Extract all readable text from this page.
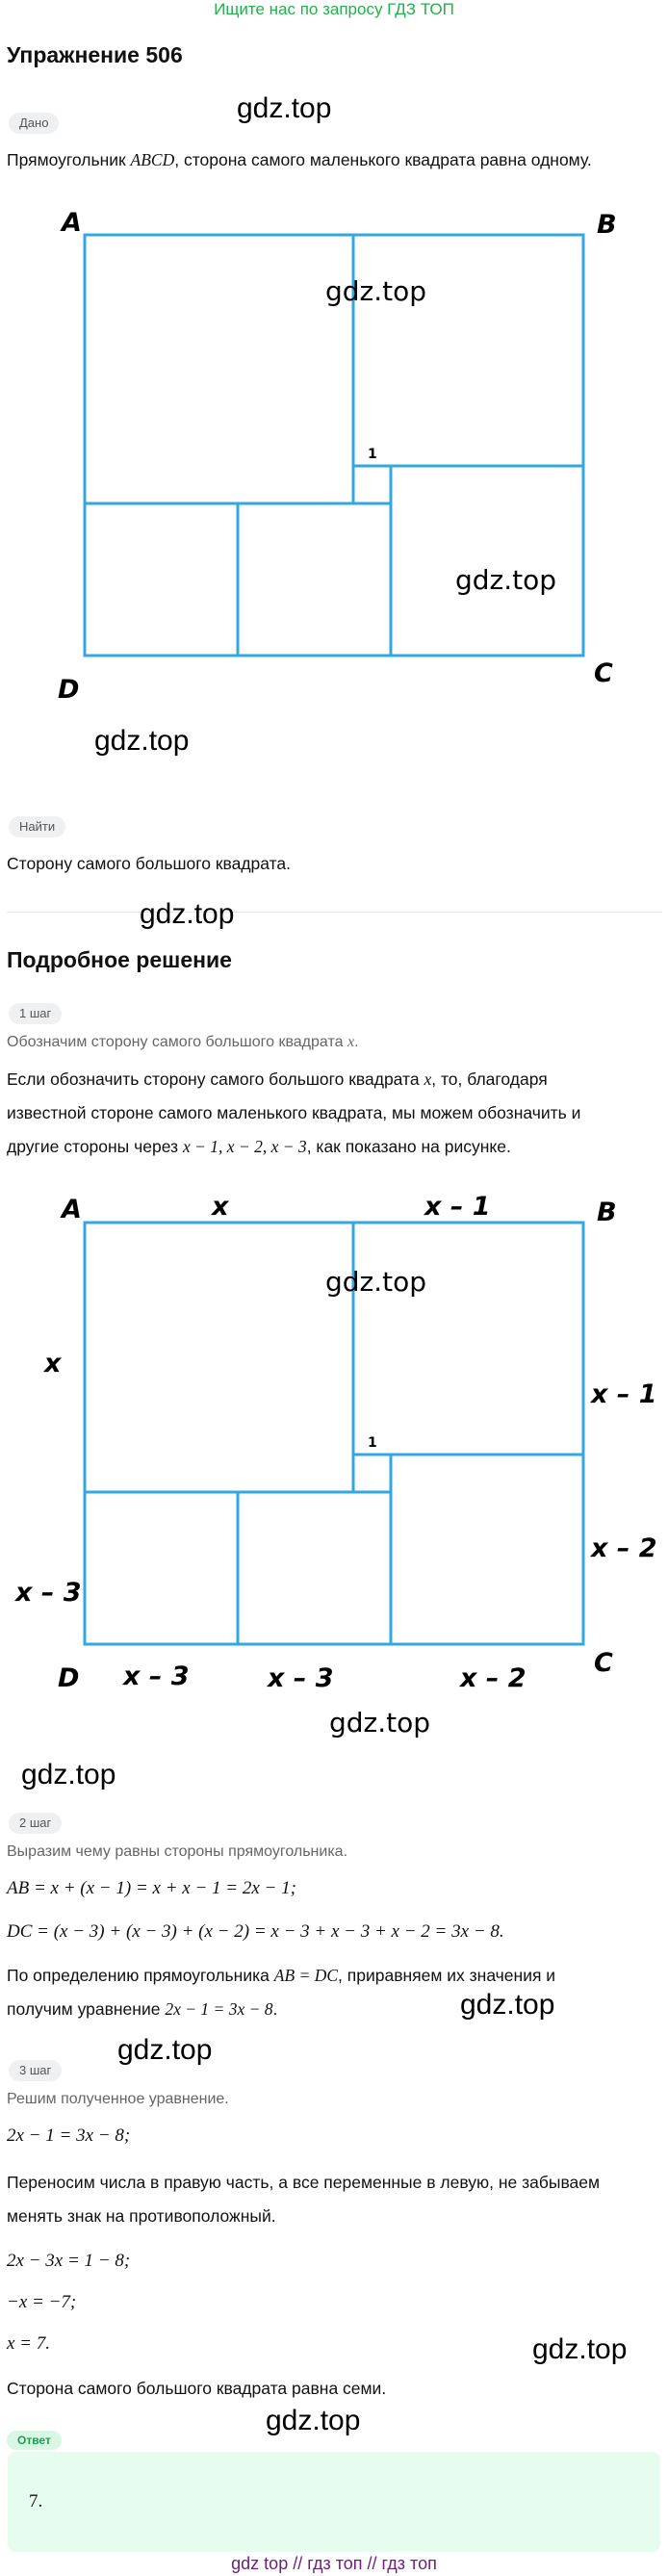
Ищите нас по запросу ГДЗ ТОП
Упражнение 506
gdz.top
Дано
Прямоугольник ABCD, сторона самого маленького квадрата равна одному.
A	B
C
D
1
gdz.top
gdz.top
gdz.top
Найти
Сторону самого большого квадрата.
gdz.top
Подробное решение
1 шаг
Обозначим сторону самого большого квадрата x.
Если обозначить сторону самого большого квадрата x, то, благодаря
известной стороне самого маленького квадрата, мы можем обозначить и
другие стороны через x − 1, x − 2, x − 3, как показано на рисунке.
A	B
C
D
x	x – 1
x
x – 1
x – 2
x – 3
x – 3	x – 3	x – 2
1
gdz.top
gdz.top
gdz.top
2 шаг
Выразим чему равны стороны прямоугольника.
AB = x + (x − 1) = x + x − 1 = 2x − 1;
DC = (x − 3) + (x − 3) + (x − 2) = x − 3 + x − 3 + x − 2 = 3x − 8.
По определению прямоугольника AB = DC, приравняем их значения и
получим уравнение 2x − 1 = 3x − 8.	gdz.top
gdz.top
3 шаг
Решим полученное уравнение.
2x − 1 = 3x − 8;
Переносим числа в правую часть, а все переменные в левую, не забываем
менять знак на противоположный.
2x − 3x = 1 − 8;
−x = −7;
x = 7.	gdz.top
Сторона самого большого квадрата равна семи.
gdz.top
Ответ
7.
gdz top // гдз топ // гдз топ
